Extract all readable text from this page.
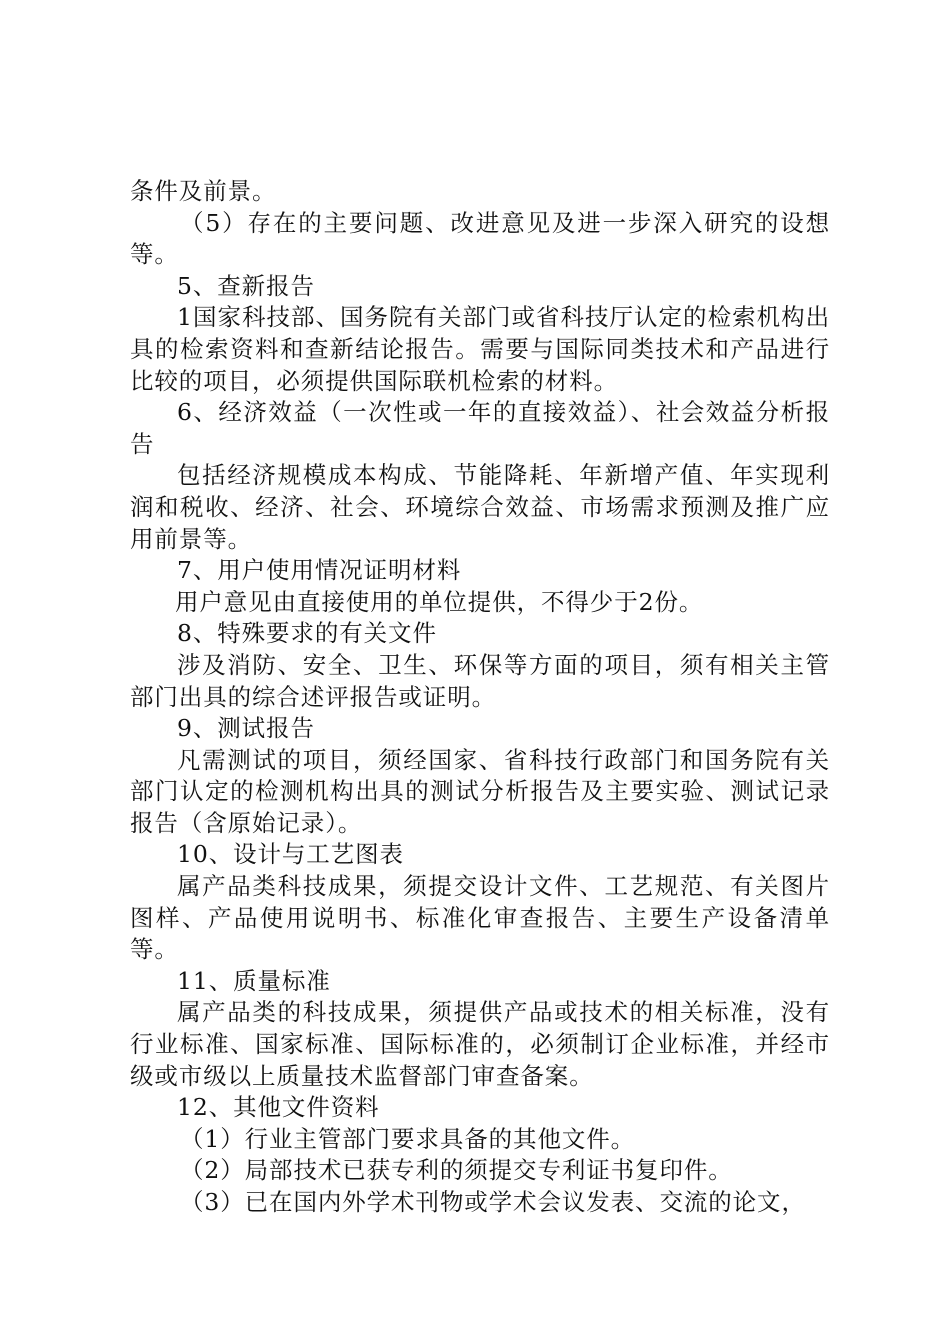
条件及前景。

（5）存在的主要问题、改进意见及进一步深入研究的设想等。

5、查新报告

1国家科技部、国务院有关部门或省科技厅认定的检索机构出具的检索资料和查新结论报告。需要与国际同类技术和产品进行比较的项目，必须提供国际联机检索的材料。

6、经济效益（一次性或一年的直接效益）、社会效益分析报告

包括经济规模成本构成、节能降耗、年新增产值、年实现利润和税收、经济、社会、环境综合效益、市场需求预测及推广应用前景等。

7、用户使用情况证明材料

用户意见由直接使用的单位提供，不得少于2份。

8、特殊要求的有关文件

涉及消防、安全、卫生、环保等方面的项目，须有相关主管部门出具的综合述评报告或证明。

9、测试报告

凡需测试的项目，须经国家、省科技行政部门和国务院有关部门认定的检测机构出具的测试分析报告及主要实验、测试记录报告（含原始记录）。

10、设计与工艺图表

属产品类科技成果，须提交设计文件、工艺规范、有关图片图样、产品使用说明书、标准化审查报告、主要生产设备清单等。

11、质量标准

属产品类的科技成果，须提供产品或技术的相关标准，没有行业标准、国家标准、国际标准的，必须制订企业标准，并经市级或市级以上质量技术监督部门审查备案。

12、其他文件资料

（1）行业主管部门要求具备的其他文件。

（2）局部技术已获专利的须提交专利证书复印件。

（3）已在国内外学术刊物或学术会议发表、交流的论文，
